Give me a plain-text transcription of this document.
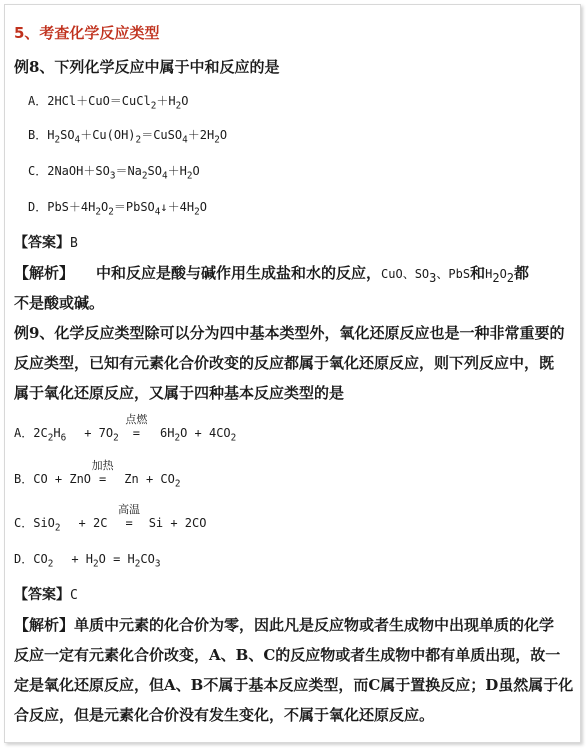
5、考查化学反应类型
例8、下列化学反应中属于中和反应的是
A．$2HCl+CuO=CuCl_2+H_2O$
B．$H_2SO_4+Cu(OH)_2=CuSO_4+2H_2O$
C．$2NaOH+SO_3=Na_2SO_4+H_2O$
D．$PbS+4H_2O_2=PbSO_4↓+4H_2O$
【答案】B
【解析】 中和反应是酸与碱作用生成盐和水的反应，CuO、$SO_3$、PbS和$H_2O_2$都
不是酸或碱。
例9、化学反应类型除可以分为四中基本类型外，氧化还原反应也是一种非常重要的
反应类型，已知有元素化合价改变的反应都属于氧化还原反应，则下列反应中，既
属于氧化还原反应，又属于四种基本反应类型的是
A．$2C_2H_6 + 7O_2$
点燃
= $6H_2O + 4CO_2$
B．CO + ZnO
加热
= $Zn + CO_2$
C．SiO$_2$ + 2C
高温
= Si + 2CO
D．$CO_2 + H_2O = H_2CO_3$
【答案】C
【解析】单质中元素的化合价为零，因此凡是反应物或者生成物中出现单质的化学
反应一定有元素化合价改变，A、B、C的反应物或者生成物中都有单质出现，故一
定是氧化还原反应，但A、B不属于基本反应类型，而C属于置换反应；D虽然属于化
合反应，但是元素化合价没有发生变化，不属于氧化还原反应。
